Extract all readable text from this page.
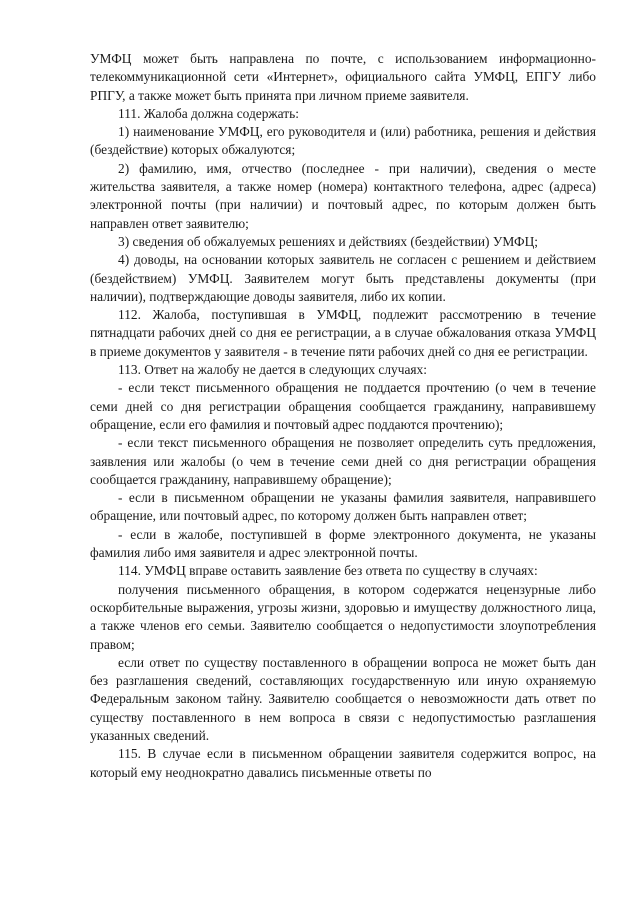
УМФЦ может быть направлена по почте, с использованием информационно-телекоммуникационной сети «Интернет», официального сайта УМФЦ, ЕПГУ либо РПГУ, а также может быть принята при личном приеме заявителя.

111. Жалоба должна содержать:

1) наименование УМФЦ, его руководителя и (или) работника, решения и действия (бездействие) которых обжалуются;

2) фамилию, имя, отчество (последнее - при наличии), сведения о месте жительства заявителя, а также номер (номера) контактного телефона, адрес (адреса) электронной почты (при наличии) и почтовый адрес, по которым должен быть направлен ответ заявителю;

3) сведения об обжалуемых решениях и действиях (бездействии) УМФЦ;

4) доводы, на основании которых заявитель не согласен с решением и действием (бездействием) УМФЦ. Заявителем могут быть представлены документы (при наличии), подтверждающие доводы заявителя, либо их копии.

112. Жалоба, поступившая в УМФЦ, подлежит рассмотрению в течение пятнадцати рабочих дней со дня ее регистрации, а в случае обжалования отказа УМФЦ в приеме документов у заявителя - в течение пяти рабочих дней со дня ее регистрации.

113. Ответ на жалобу не дается в следующих случаях:

- если текст письменного обращения не поддается прочтению (о чем в течение семи дней со дня регистрации обращения сообщается гражданину, направившему обращение, если его фамилия и почтовый адрес поддаются прочтению);

- если текст письменного обращения не позволяет определить суть предложения, заявления или жалобы (о чем в течение семи дней со дня регистрации обращения сообщается гражданину, направившему обращение);

- если в письменном обращении не указаны фамилия заявителя, направившего обращение, или почтовый адрес, по которому должен быть направлен ответ;

- если в жалобе, поступившей в форме электронного документа, не указаны фамилия либо имя заявителя и адрес электронной почты.

114. УМФЦ вправе оставить заявление без ответа по существу в случаях:

получения письменного обращения, в котором содержатся нецензурные либо оскорбительные выражения, угрозы жизни, здоровью и имуществу должностного лица, а также членов его семьи. Заявителю сообщается о недопустимости злоупотребления правом;

если ответ по существу поставленного в обращении вопроса не может быть дан без разглашения сведений, составляющих государственную или иную охраняемую Федеральным законом тайну. Заявителю сообщается о невозможности дать ответ по существу поставленного в нем вопроса в связи с недопустимостью разглашения указанных сведений.

115. В случае если в письменном обращении заявителя содержится вопрос, на который ему неоднократно давались письменные ответы по
